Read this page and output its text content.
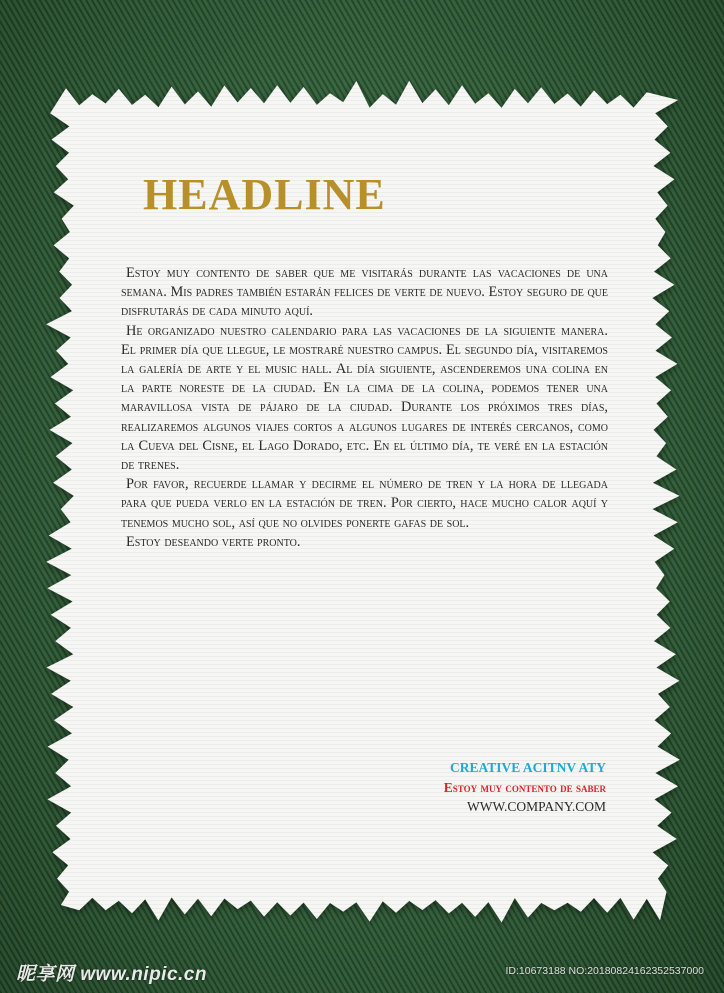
HEADLINE

Estoy muy contento de saber que me visitarás durante las vacaciones de una semana. Mis padres también estarán felices de verte de nuevo. Estoy seguro de que disfrutarás de cada minuto aquí.

He organizado nuestro calendario para las vacaciones de la siguiente manera. El primer día que llegue, le mostraré nuestro campus. El segundo día, visitaremos la galería de arte y el music hall. Al día siguiente, ascenderemos una colina en la parte noreste de la ciudad. En la cima de la colina, podemos tener una maravillosa vista de pájaro de la ciudad. Durante los próximos tres días, realizaremos algunos viajes cortos a algunos lugares de interés cercanos, como la Cueva del Cisne, el Lago Dorado, etc. En el último día, te veré en la estación de trenes.

Por favor, recuerde llamar y decirme el número de tren y la hora de llegada para que pueda verlo en la estación de tren. Por cierto, hace mucho calor aquí y tenemos mucho sol, así que no olvides ponerte gafas de sol.

Estoy deseando verte pronto.

CREATIVE ACITNV ATY
Estoy muy contento de saber
WWW.COMPANY.COM
昵享网 www.nipic.cn	ID:10673188 NO:20180824162352537000
